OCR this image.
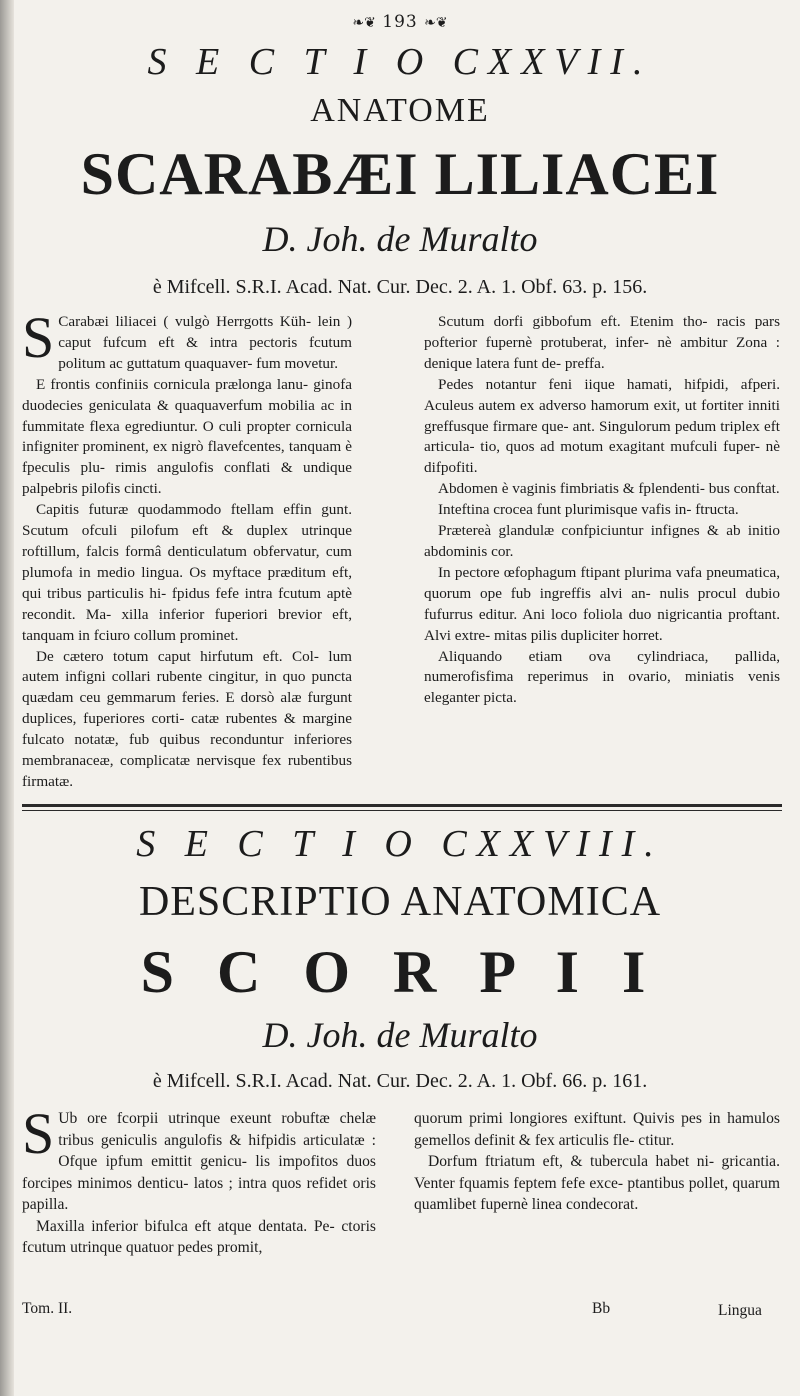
❧❦ 193 ❧❦
S E C T I O CXXVII.
ANATOME
SCARABÆI LILIACEI
D. Joh. de Muralto
è Mifcell. S.R.I. Acad. Nat. Cur. Dec. 2. A. 1. Obf. 63. p. 156.

S Carabæi liliacei ( vulgò Herrgotts Küh- lein ) caput fufcum eft & intra pectoris fcutum politum ac guttatum quaquaver- fum movetur.

E frontis confiniis cornicula prælonga lanu- ginofa duodecies geniculata & quaquaverfum mobilia ac in fummitate flexa egrediuntur. O culi propter cornicula infigniter prominent, ex nigrò flavefcentes, tanquam è fpeculis plu- rimis angulofis conflati & undique palpebris pilofis cincti.

Capitis futuræ quodammodo ftellam effin gunt. Scutum ofculi pilofum eft & duplex utrinque roftillum, falcis formâ denticulatum obfervatur, cum plumofa in medio lingua. Os myftace præditum eft, qui tribus particulis hi- fpidus fefe intra fcutum aptè recondit. Ma- xilla inferior fuperiori brevior eft, tanquam in fciuro collum prominet.

De cætero totum caput hirfutum eft. Col- lum autem infigni collari rubente cingitur, in quo puncta quædam ceu gemmarum feries. E dorsò alæ furgunt duplices, fuperiores corti- catæ rubentes & margine fulcato notatæ, fub quibus reconduntur inferiores membranaceæ, complicatæ nervisque fex rubentibus firmatæ.

Scutum dorfi gibbofum eft. Etenim tho- racis pars pofterior fupernè protuberat, infer- nè ambitur Zona : denique latera funt de- preffa.

Pedes notantur feni iique hamati, hifpidi, afperi. Aculeus autem ex adverso hamorum exit, ut fortiter inniti greffusque firmare que- ant. Singulorum pedum triplex eft articula- tio, quos ad motum exagitant mufculi fuper- nè difpofiti.

Abdomen è vaginis fimbriatis & fplendenti- bus conftat.

Inteftina crocea funt plurimisque vafis in- ftructa.

Prætereà glandulæ confpiciuntur infignes & ab initio abdominis cor.

In pectore œfophagum ftipant plurima vafa pneumatica, quorum ope fub ingreffis alvi an- nulis procul dubio fufurrus editur. Ani loco foliola duo nigricantia proftant. Alvi extre- mitas pilis dupliciter horret.

Aliquando etiam ova cylindriaca, pallida, numerofisfima reperimus in ovario, miniatis venis eleganter picta.

S E C T I O CXXVIII.
DESCRIPTIO ANATOMICA
S C O R P I I
D. Joh. de Muralto
è Mifcell. S.R.I. Acad. Nat. Cur. Dec. 2. A. 1. Obf. 66. p. 161.

S Ub ore fcorpii utrinque exeunt robuftæ chelæ tribus geniculis angulofis & hifpidis articulatæ : Ofque ipfum emittit genicu- lis impofitos duos forcipes minimos denticu- latos ; intra quos refidet oris papilla.

Maxilla inferior bifulca eft atque dentata. Pe- ctoris fcutum utrinque quatuor pedes promit,

quorum primi longiores exiftunt. Quivis pes in hamulos gemellos definit & fex articulis fle- ctitur.

Dorfum ftriatum eft, & tubercula habet ni- gricantia. Venter fquamis feptem fefe exce- ptantibus pollet, quarum quamlibet fupernè linea condecorat.

Tom. II.	Bb	Lingua
